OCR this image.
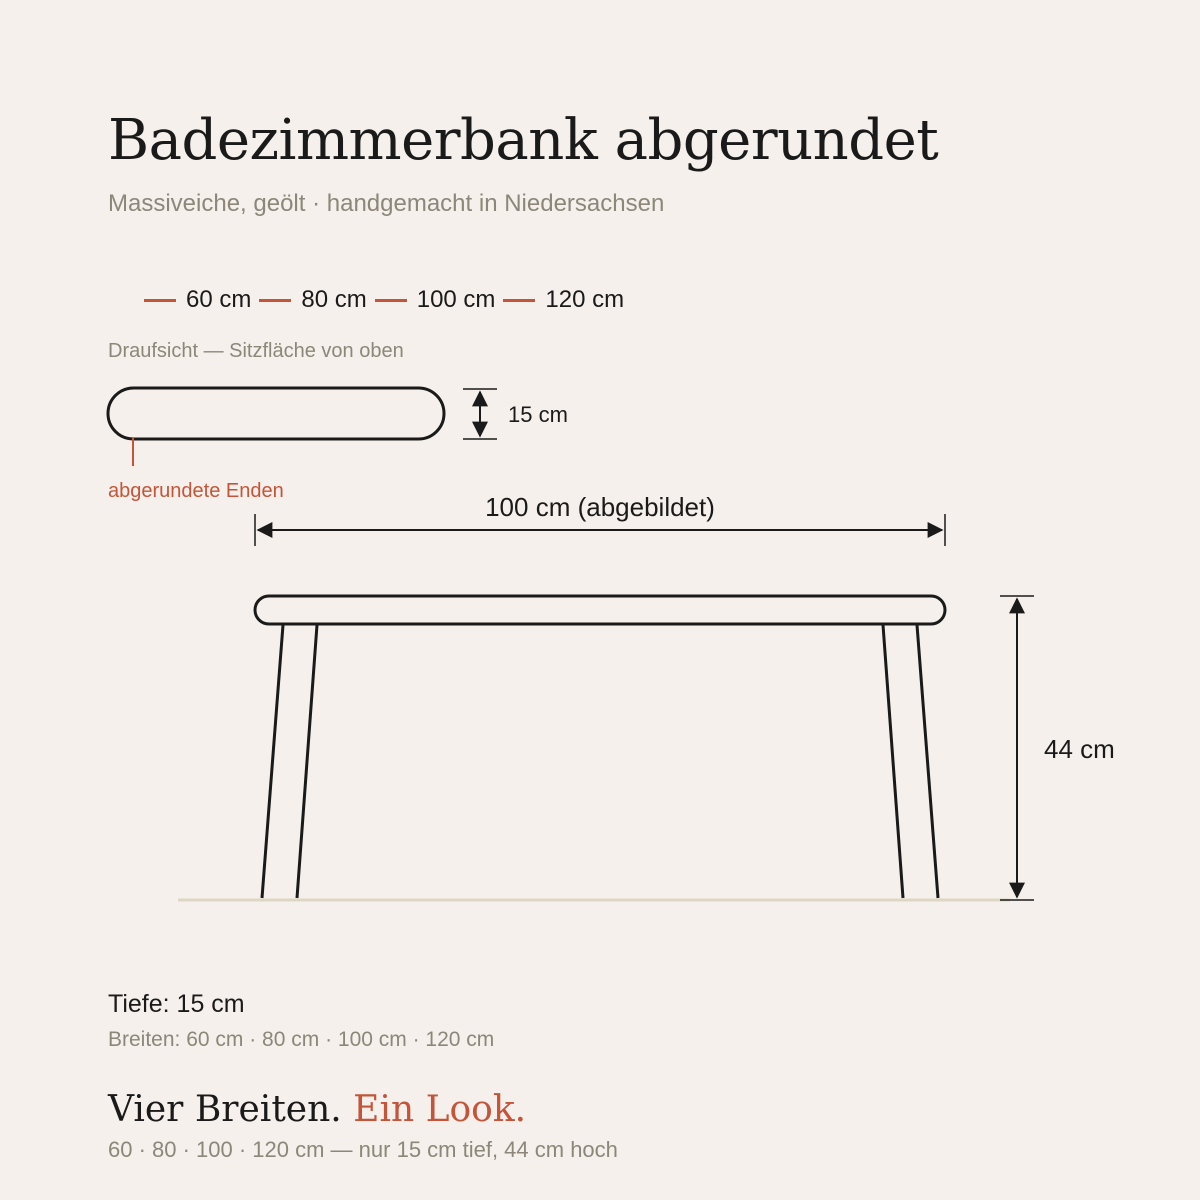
Badezimmerbank abgerundet
Massiveiche, geölt · handgemacht in Niedersachsen
60 cm 80 cm 100 cm 120 cm
Draufsicht — Sitzfläche von oben
15 cm
abgerundete Enden
100 cm (abgebildet)
44 cm
Tiefe: 15 cm
Breiten: 60 cm · 80 cm · 100 cm · 120 cm
Vier Breiten. Ein Look.
60 · 80 · 100 · 120 cm — nur 15 cm tief, 44 cm hoch
